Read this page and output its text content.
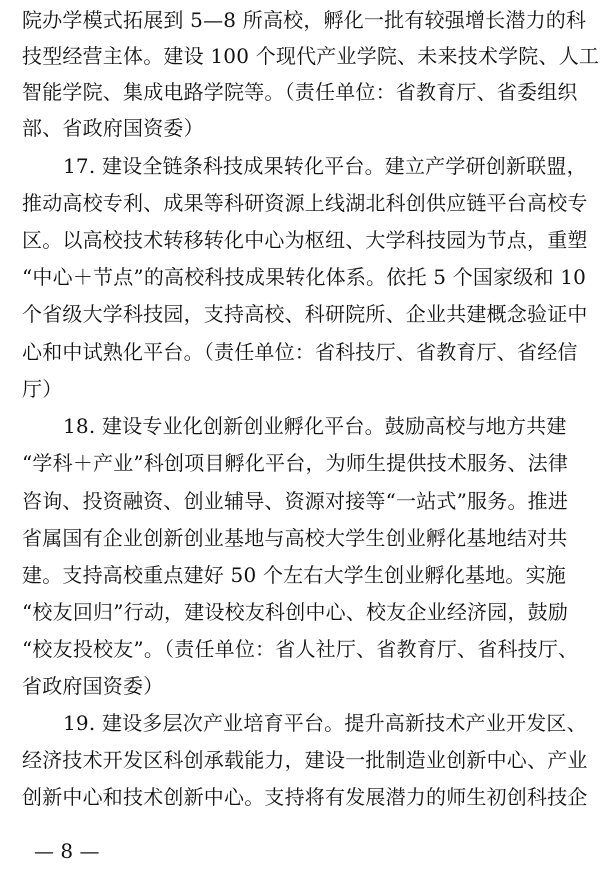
院办学模式拓展到 5—8 所高校，孵化一批有较强增长潜力的科
技型经营主体。建设 100 个现代产业学院、未来技术学院、人工
智能学院、集成电路学院等。（责任单位：省教育厅、省委组织
部、省政府国资委）
17. 建设全链条科技成果转化平台。建立产学研创新联盟，
推动高校专利、成果等科研资源上线湖北科创供应链平台高校专
区。以高校技术转移转化中心为枢纽、大学科技园为节点，重塑
“中心＋节点”的高校科技成果转化体系。依托 5 个国家级和 10
个省级大学科技园，支持高校、科研院所、企业共建概念验证中
心和中试熟化平台。（责任单位：省科技厅、省教育厅、省经信
厅）
18. 建设专业化创新创业孵化平台。鼓励高校与地方共建
“学科＋产业”科创项目孵化平台，为师生提供技术服务、法律
咨询、投资融资、创业辅导、资源对接等“一站式”服务。推进
省属国有企业创新创业基地与高校大学生创业孵化基地结对共
建。支持高校重点建好 50 个左右大学生创业孵化基地。实施
“校友回归”行动，建设校友科创中心、校友企业经济园，鼓励
“校友投校友”。（责任单位：省人社厅、省教育厅、省科技厅、
省政府国资委）
19. 建设多层次产业培育平台。提升高新技术产业开发区、
经济技术开发区科创承载能力，建设一批制造业创新中心、产业
创新中心和技术创新中心。支持将有发展潜力的师生初创科技企
— 8 —
